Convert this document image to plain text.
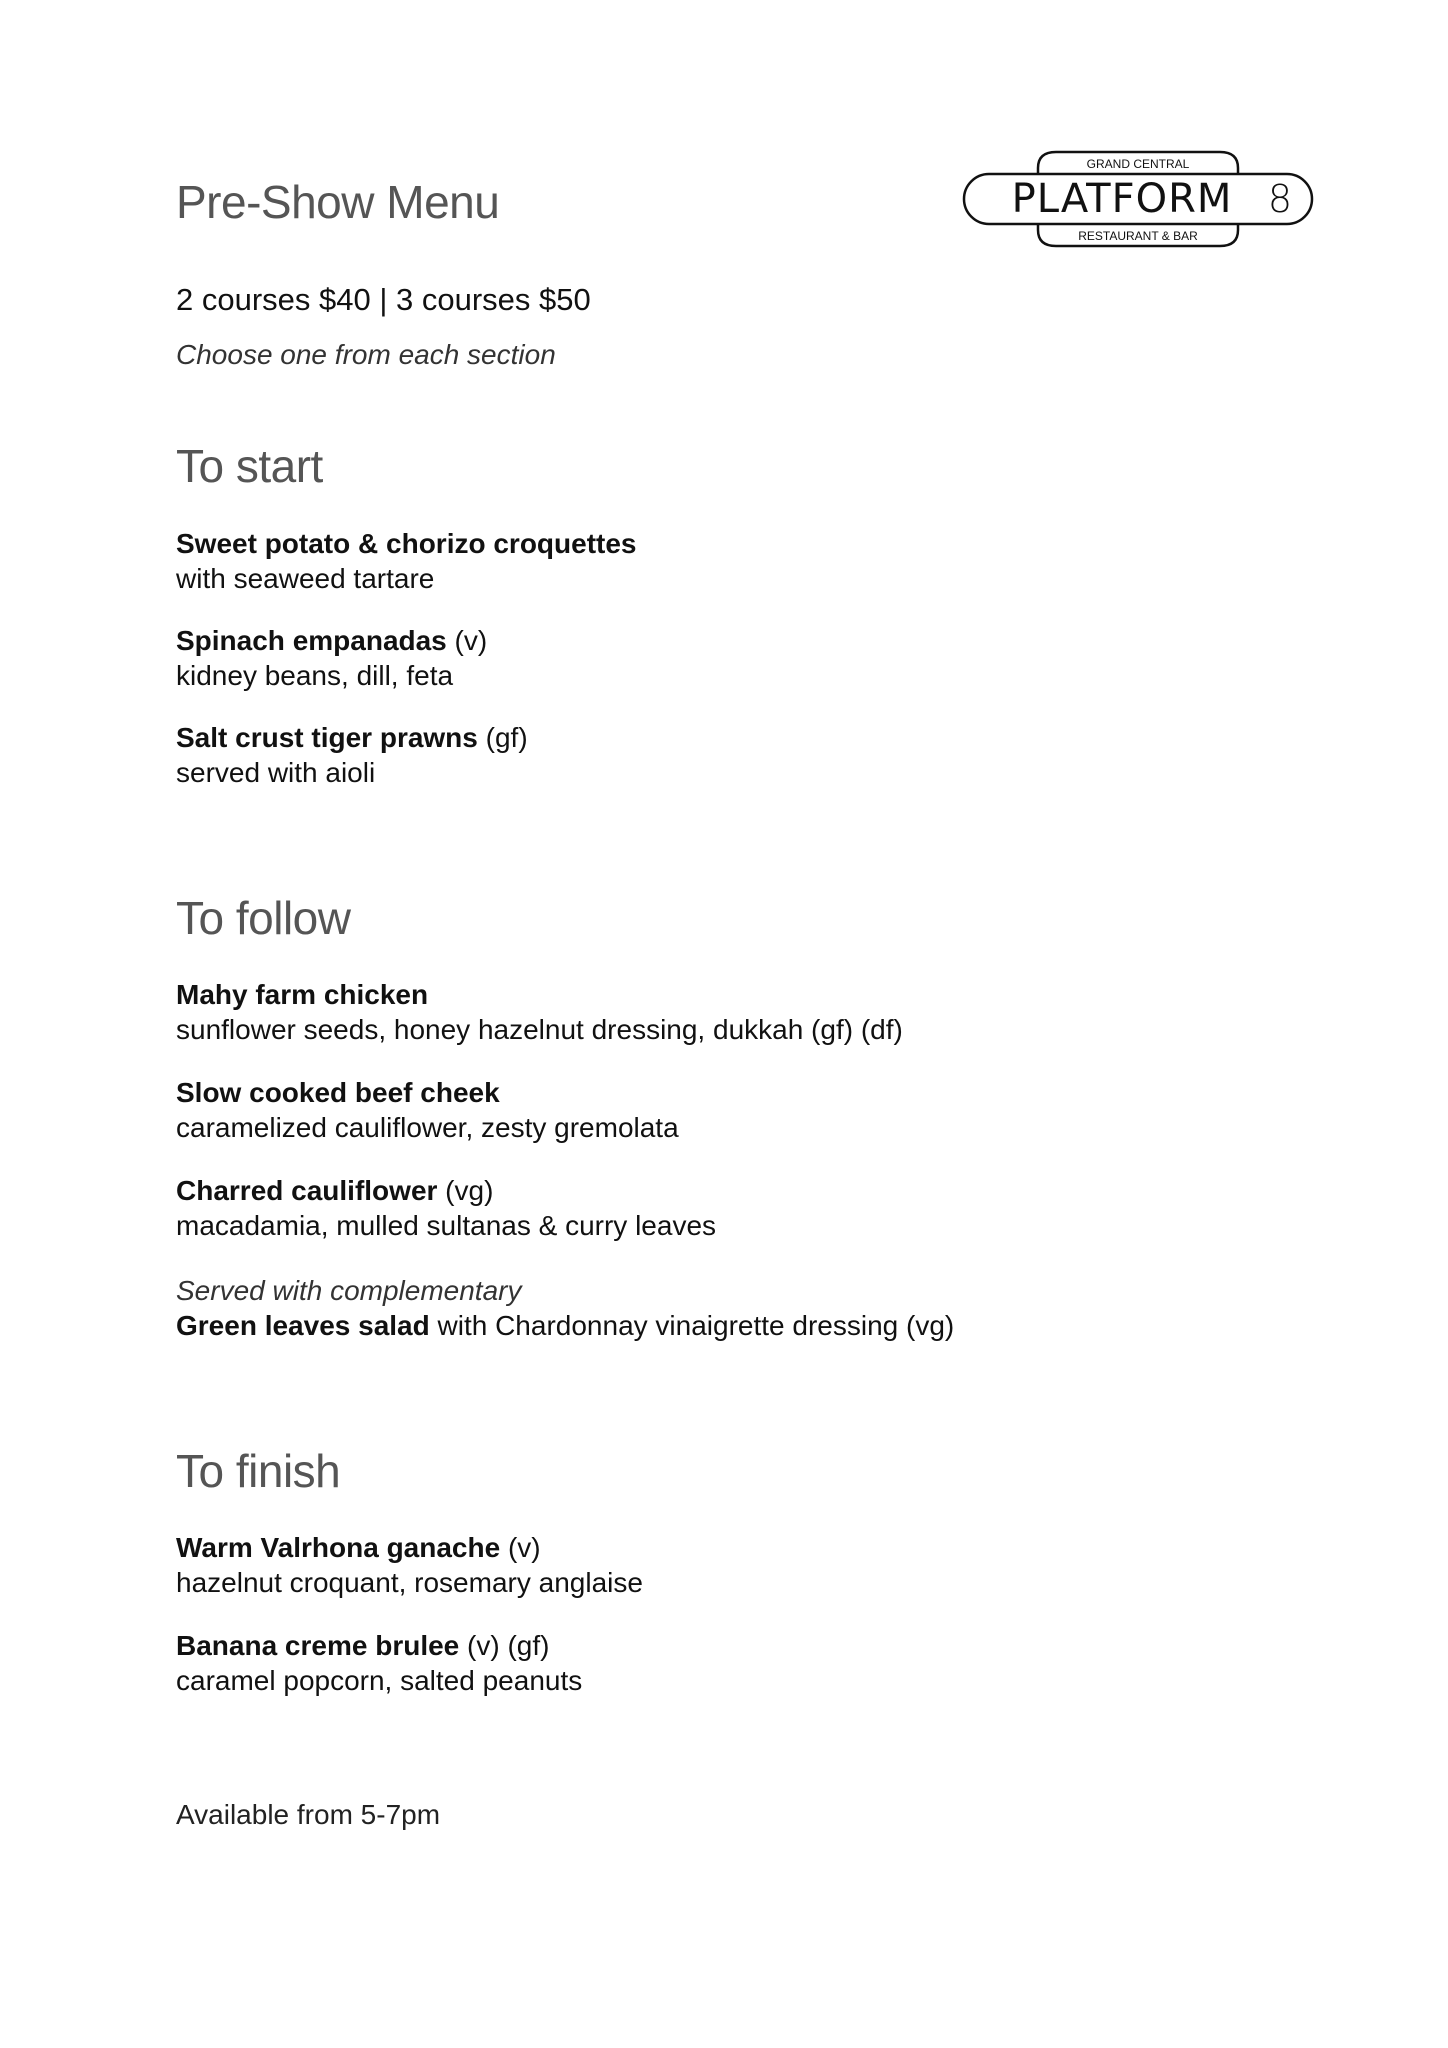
Pre-Show Menu
GRAND CENTRAL
PLATFORM 8
RESTAURANT & BAR

2 courses $40 | 3 courses $50

Choose one from each section

To start
Sweet potato & chorizo croquettes
with seaweed tartare
Spinach empanadas (v)
kidney beans, dill, feta
Salt crust tiger prawns (gf)
served with aioli
To follow
Mahy farm chicken
sunflower seeds, honey hazelnut dressing, dukkah (gf) (df)
Slow cooked beef cheek
caramelized cauliflower, zesty gremolata
Charred cauliflower (vg)
macadamia, mulled sultanas & curry leaves
Served with complementary
Green leaves salad with Chardonnay vinaigrette dressing (vg)
To finish
Warm Valrhona ganache (v)
hazelnut croquant, rosemary anglaise
Banana creme brulee (v) (gf)
caramel popcorn, salted peanuts

Available from 5-7pm
